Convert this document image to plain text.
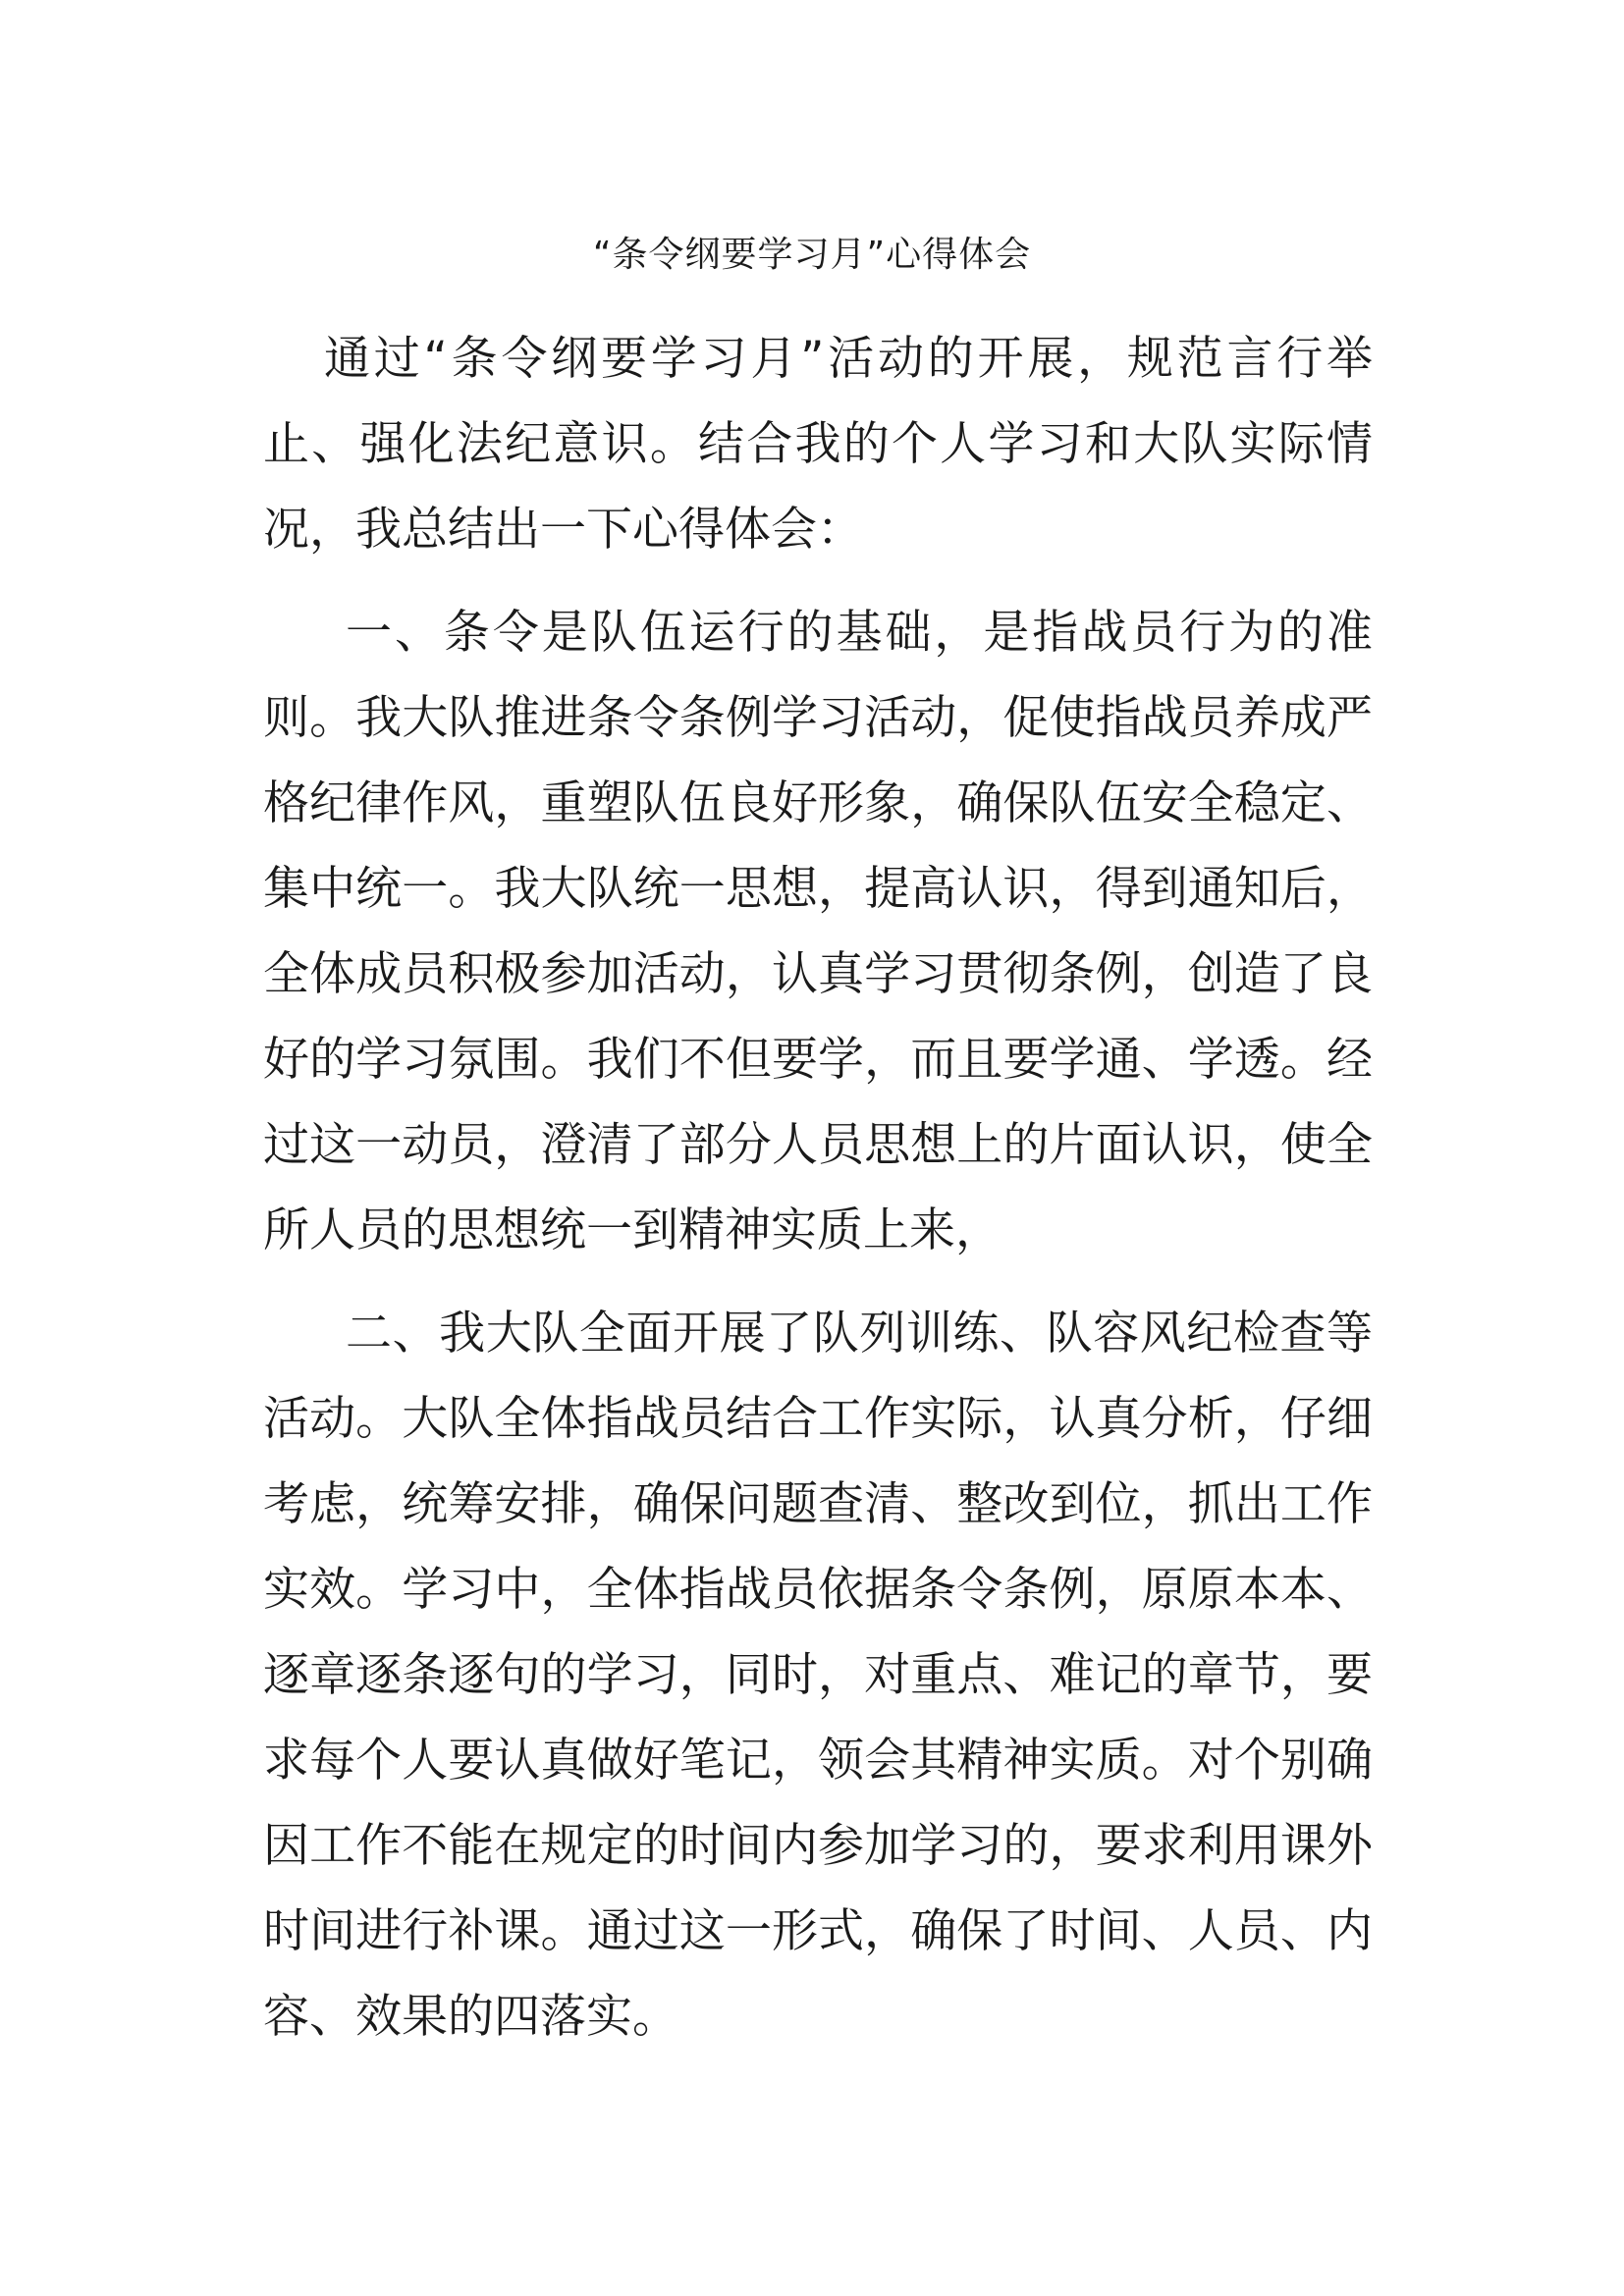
“条令纲要学习月”心得体会

通过“条令纲要学习月”活动的开展，规范言行举止、强化法纪意识。结合我的个人学习和大队实际情况，我总结出一下心得体会：

一、条令是队伍运行的基础，是指战员行为的准则。我大队推进条令条例学习活动，促使指战员养成严格纪律作风，重塑队伍良好形象，确保队伍安全稳定、集中统一。我大队统一思想，提高认识，得到通知后，全体成员积极参加活动，认真学习贯彻条例，创造了良好的学习氛围。我们不但要学，而且要学通、学透。经过这一动员，澄清了部分人员思想上的片面认识，使全所人员的思想统一到精神实质上来，

二、我大队全面开展了队列训练、队容风纪检查等活动。大队全体指战员结合工作实际，认真分析，仔细考虑，统筹安排，确保问题查清、整改到位，抓出工作实效。学习中，全体指战员依据条令条例，原原本本、逐章逐条逐句的学习，同时，对重点、难记的章节，要求每个人要认真做好笔记，领会其精神实质。对个别确因工作不能在规定的时间内参加学习的，要求利用课外时间进行补课。通过这一形式，确保了时间、人员、内容、效果的四落实。
